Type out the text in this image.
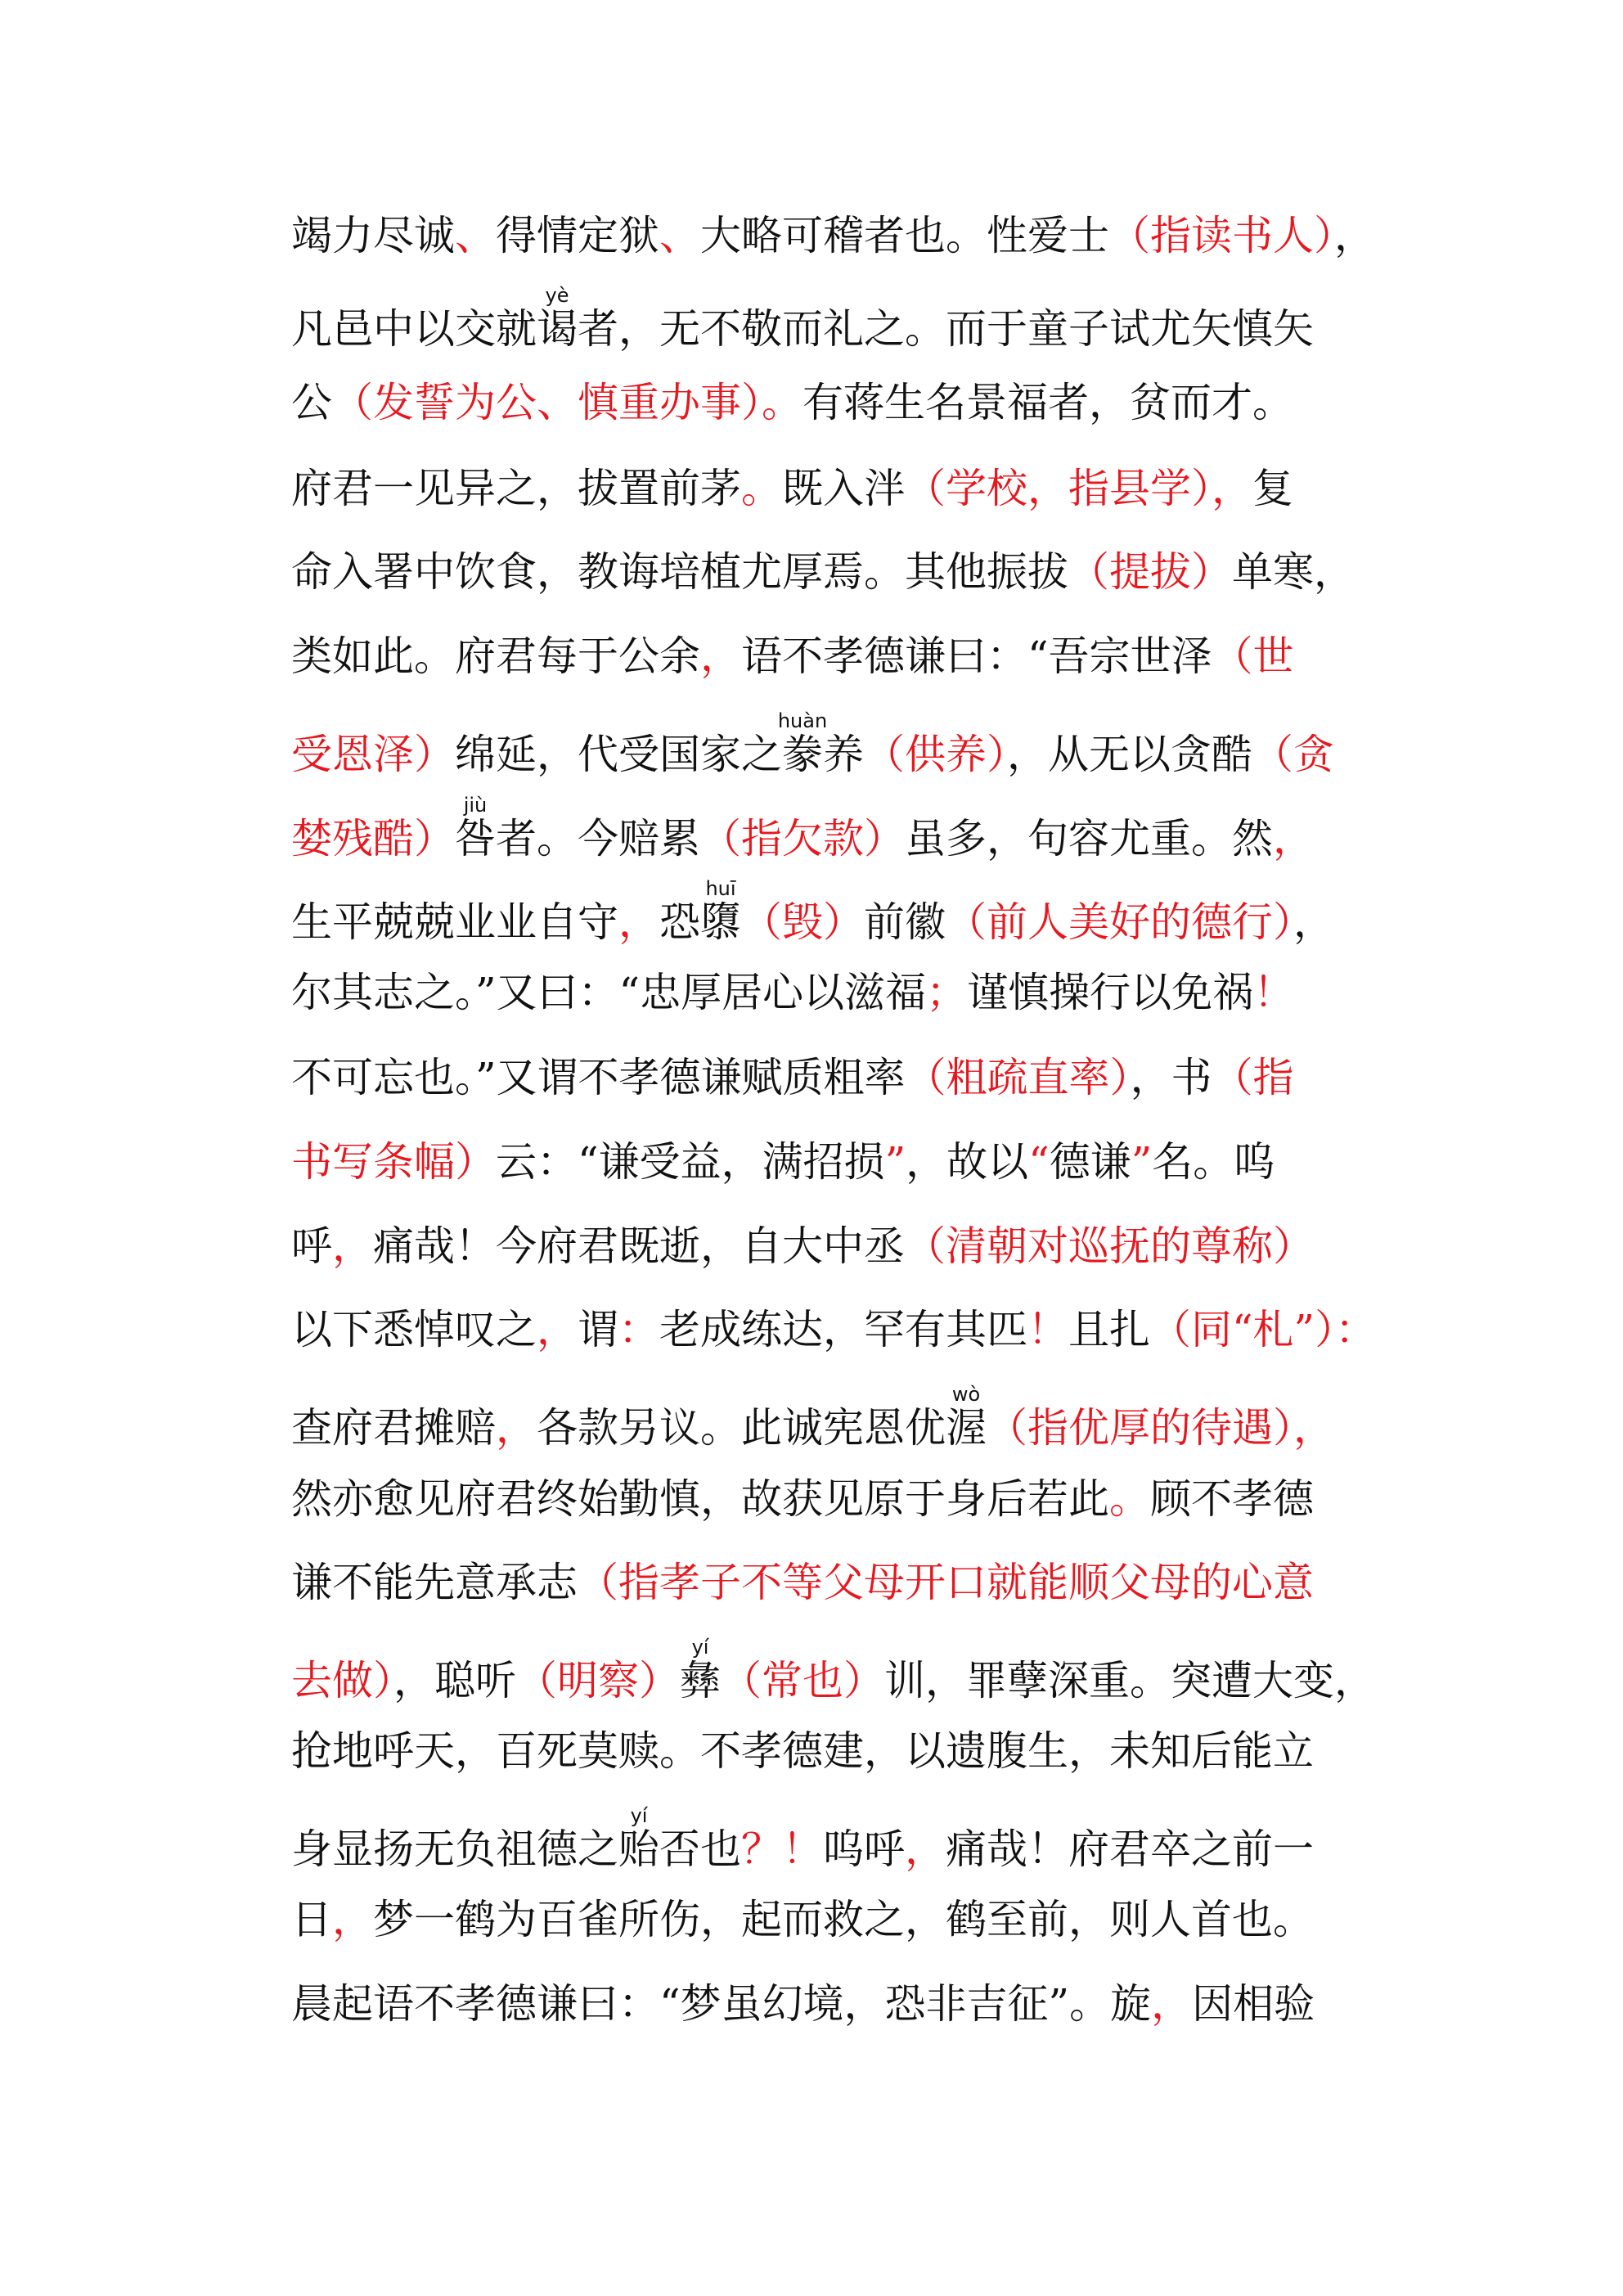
竭力尽诚、得情定狱、大略可稽者也。性爱士（指读书人），
凡邑中以交就谒yè者，无不敬而礼之。而于童子试尤矢慎矢
公（发誓为公、慎重办事）。有蒋生名景福者，贫而才。
府君一见异之，拔置前茅。既入泮（学校，指县学），复
命入署中饮食，教诲培植尤厚焉。其他振拔（提拔）单寒，
类如此。府君每于公余，语不孝德谦曰：“吾宗世泽（世
受恩泽）绵延，代受国家之豢huàn养（供养），从无以贪酷（贪
婪残酷）咎jiù者。今赔累（指欠款）虽多，句容尤重。然，
生平兢兢业业自守，恐隳huī（毁）前徽（前人美好的德行），
尔其志之。”又曰：“忠厚居心以滋福；谨慎操行以免祸！
不可忘也。”又谓不孝德谦赋质粗率（粗疏直率），书（指
书写条幅）云：“谦受益，满招损”，故以“德谦”名。呜
呼，痛哉！今府君既逝，自大中丞（清朝对巡抚的尊称）
以下悉悼叹之，谓：老成练达，罕有其匹！且扎（同“札”）：
查府君摊赔，各款另议。此诚宪恩优渥wò（指优厚的待遇），
然亦愈见府君终始勤慎，故获见原于身后若此。顾不孝德
谦不能先意承志（指孝子不等父母开口就能顺父母的心意
去做），聪听（明察）彝yí（常也）训，罪孽深重。突遭大变，
抢地呼天，百死莫赎。不孝德建，以遗腹生，未知后能立
身显扬无负祖德之贻yí否也？！呜呼，痛哉！府君卒之前一
日，梦一鹤为百雀所伤，起而救之，鹤至前，则人首也。
晨起语不孝德谦曰：“梦虽幻境，恐非吉征”。旋，因相验
